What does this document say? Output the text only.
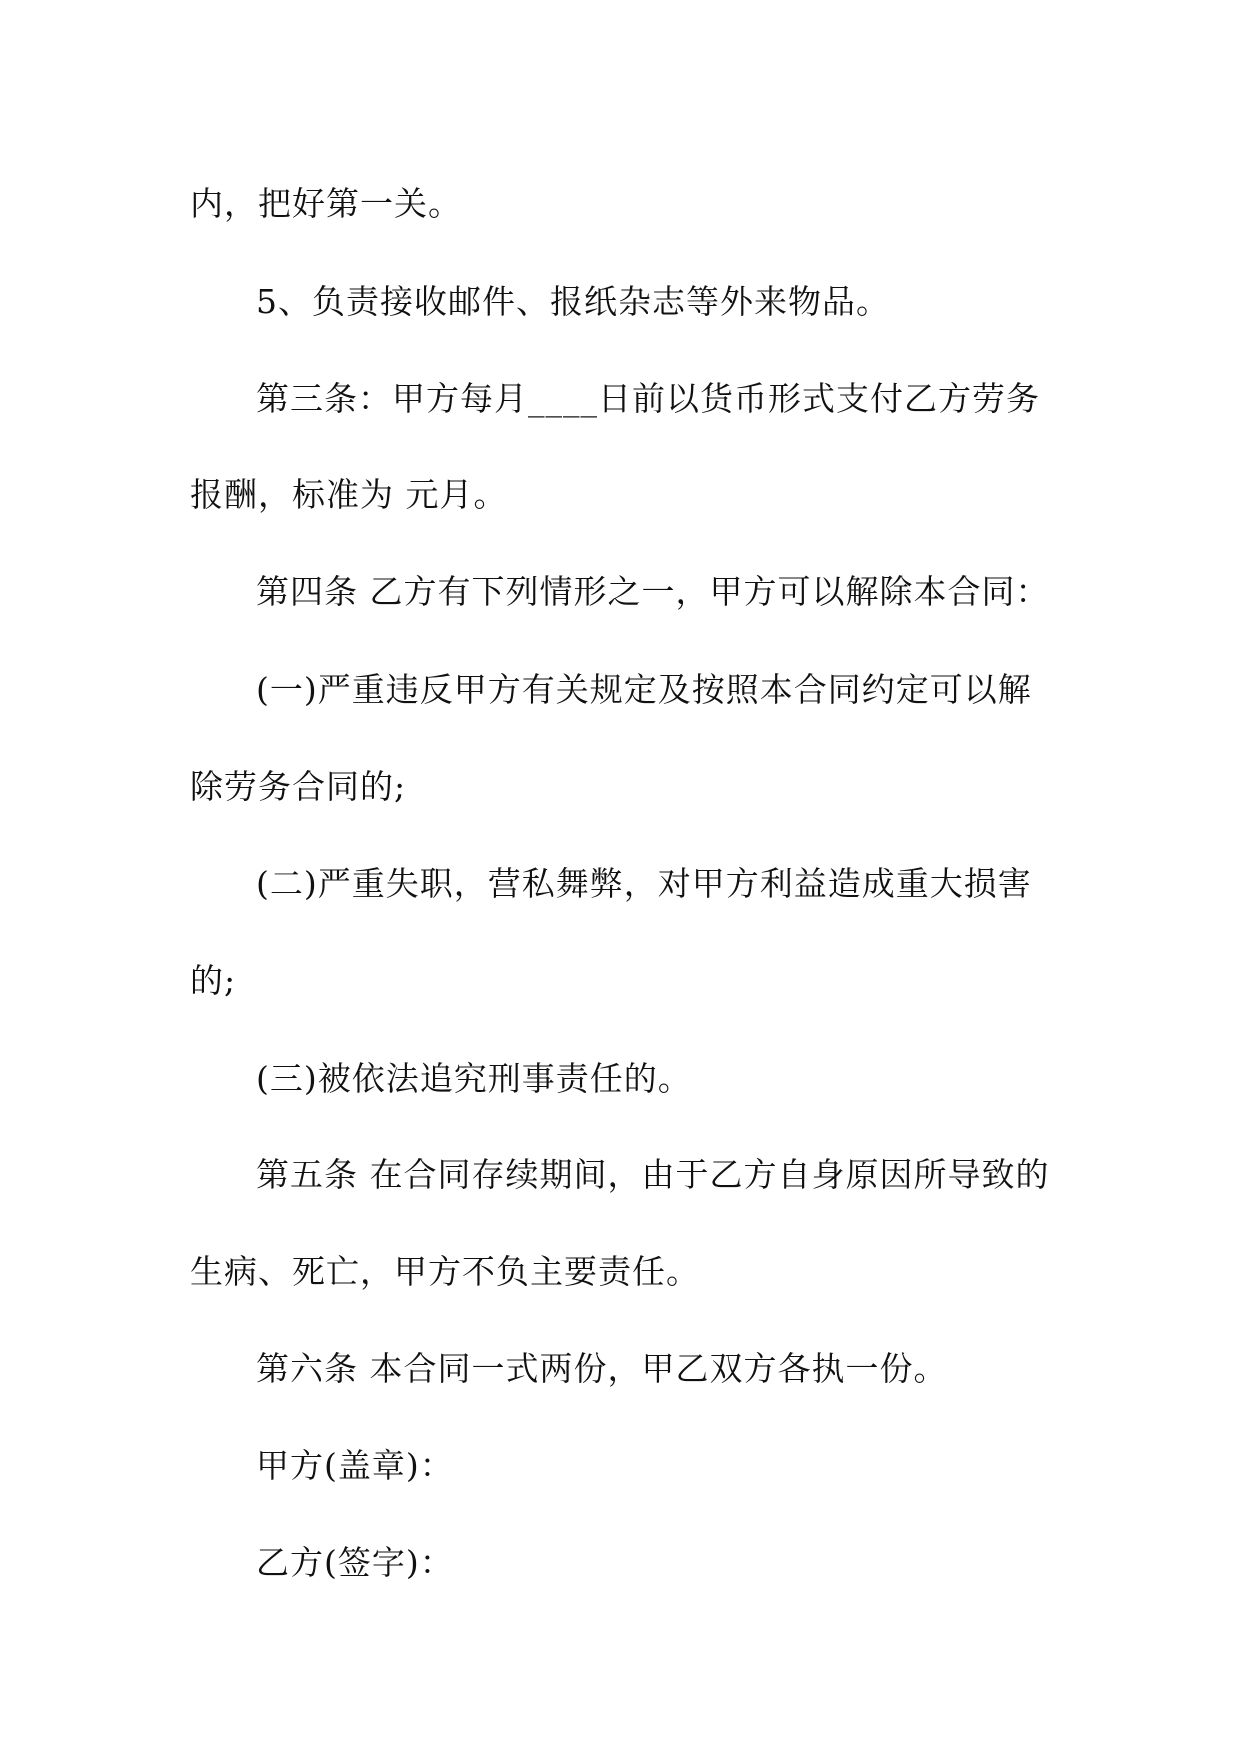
内，把好第一关。
5、负责接收邮件、报纸杂志等外来物品。
第三条：甲方每月____日前以货币形式支付乙方劳务
报酬，标准为 元月。
第四条 乙方有下列情形之一，甲方可以解除本合同：
(一)严重违反甲方有关规定及按照本合同约定可以解
除劳务合同的;
(二)严重失职，营私舞弊，对甲方利益造成重大损害
的;
(三)被依法追究刑事责任的。
第五条 在合同存续期间，由于乙方自身原因所导致的
生病、死亡，甲方不负主要责任。
第六条 本合同一式两份，甲乙双方各执一份。
甲方(盖章)：
乙方(签字)：
